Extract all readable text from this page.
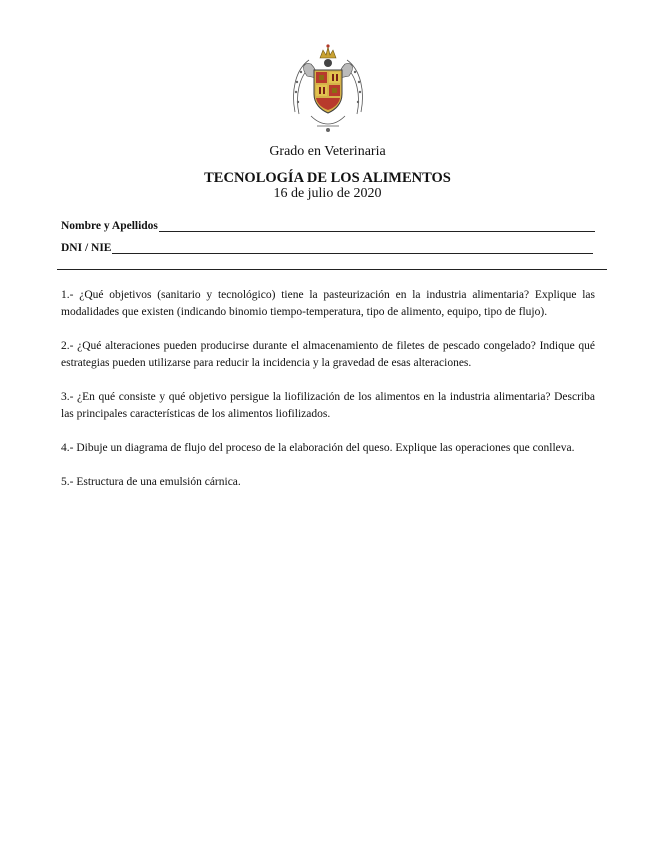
Grado en Veterinaria
TECNOLOGÍA DE LOS ALIMENTOS
16 de julio de 2020
Nombre y Apellidos
DNI / NIE

1.- ¿Qué objetivos (sanitario y tecnológico) tiene la pasteurización en la industria alimentaria? Explique las modalidades que existen (indicando binomio tiempo-temperatura, tipo de alimento, equipo, tipo de flujo).

2.- ¿Qué alteraciones pueden producirse durante el almacenamiento de filetes de pescado congelado? Indique qué estrategias pueden utilizarse para reducir la incidencia y la gravedad de esas alteraciones.

3.- ¿En qué consiste y qué objetivo persigue la liofilización de los alimentos en la industria alimentaria? Describa las principales características de los alimentos liofilizados.

4.- Dibuje un diagrama de flujo del proceso de la elaboración del queso. Explique las operaciones que conlleva.

5.- Estructura de una emulsión cárnica.
